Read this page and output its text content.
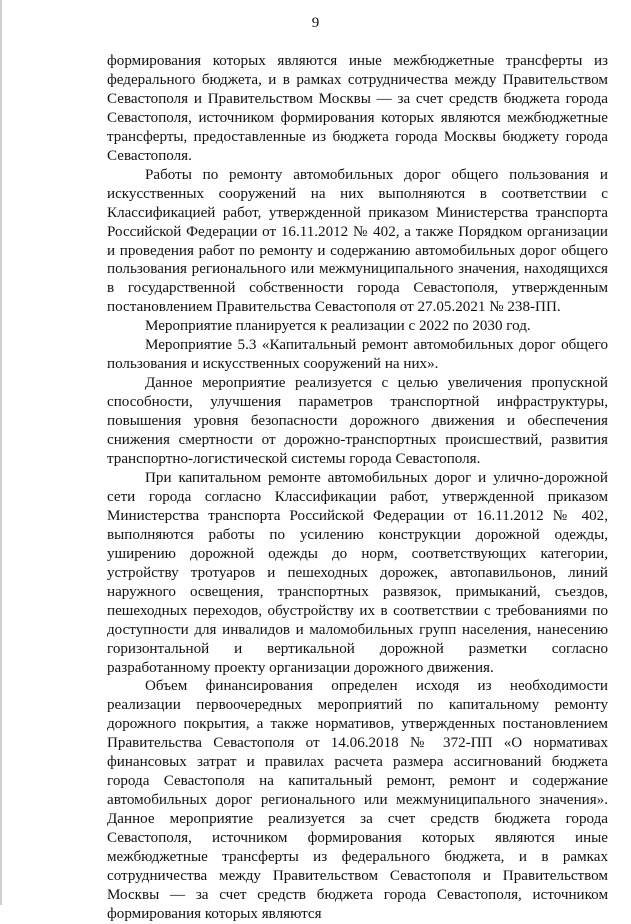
9

формирования которых являются иные межбюджетные трансферты из федерального бюджета, и в рамках сотрудничества между Правительством Севастополя и Правительством Москвы — за счет средств бюджета города Севастополя, источником формирования которых являются межбюджетные трансферты, предоставленные из бюджета города Москвы бюджету города Севастополя.

Работы по ремонту автомобильных дорог общего пользования и искусственных сооружений на них выполняются в соответствии с Классификацией работ, утвержденной приказом Министерства транспорта Российской Федерации от 16.11.2012 № 402, а также Порядком организации и проведения работ по ремонту и содержанию автомобильных дорог общего пользования регионального или межмуниципального значения, находящихся в государственной собственности города Севастополя, утвержденным постановлением Правительства Севастополя от 27.05.2021 № 238-ПП.

Мероприятие планируется к реализации с 2022 по 2030 год.

Мероприятие 5.3 «Капитальный ремонт автомобильных дорог общего пользования и искусственных сооружений на них».

Данное мероприятие реализуется с целью увеличения пропускной способности, улучшения параметров транспортной инфраструктуры, повышения уровня безопасности дорожного движения и обеспечения снижения смертности от дорожно-транспортных происшествий, развития транспортно-логистической системы города Севастополя.

При капитальном ремонте автомобильных дорог и улично-дорожной сети города согласно Классификации работ, утвержденной приказом Министерства транспорта Российской Федерации от 16.11.2012 № 402, выполняются работы по усилению конструкции дорожной одежды, уширению дорожной одежды до норм, соответствующих категории, устройству тротуаров и пешеходных дорожек, автопавильонов, линий наружного освещения, транспортных развязок, примыканий, съездов, пешеходных переходов, обустройству их в соответствии с требованиями по доступности для инвалидов и маломобильных групп населения, нанесению горизонтальной и вертикальной дорожной разметки согласно разработанному проекту организации дорожного движения.

Объем финансирования определен исходя из необходимости реализации первоочередных мероприятий по капитальному ремонту дорожного покрытия, а также нормативов, утвержденных постановлением Правительства Севастополя от 14.06.2018 № 372-ПП «О нормативах финансовых затрат и правилах расчета размера ассигнований бюджета города Севастополя на капитальный ремонт, ремонт и содержание автомобильных дорог регионального или межмуниципального значения». Данное мероприятие реализуется за счет средств бюджета города Севастополя, источником формирования которых являются иные межбюджетные трансферты из федерального бюджета, и в рамках сотрудничества между Правительством Севастополя и Правительством Москвы — за счет средств бюджета города Севастополя, источником формирования которых являются
